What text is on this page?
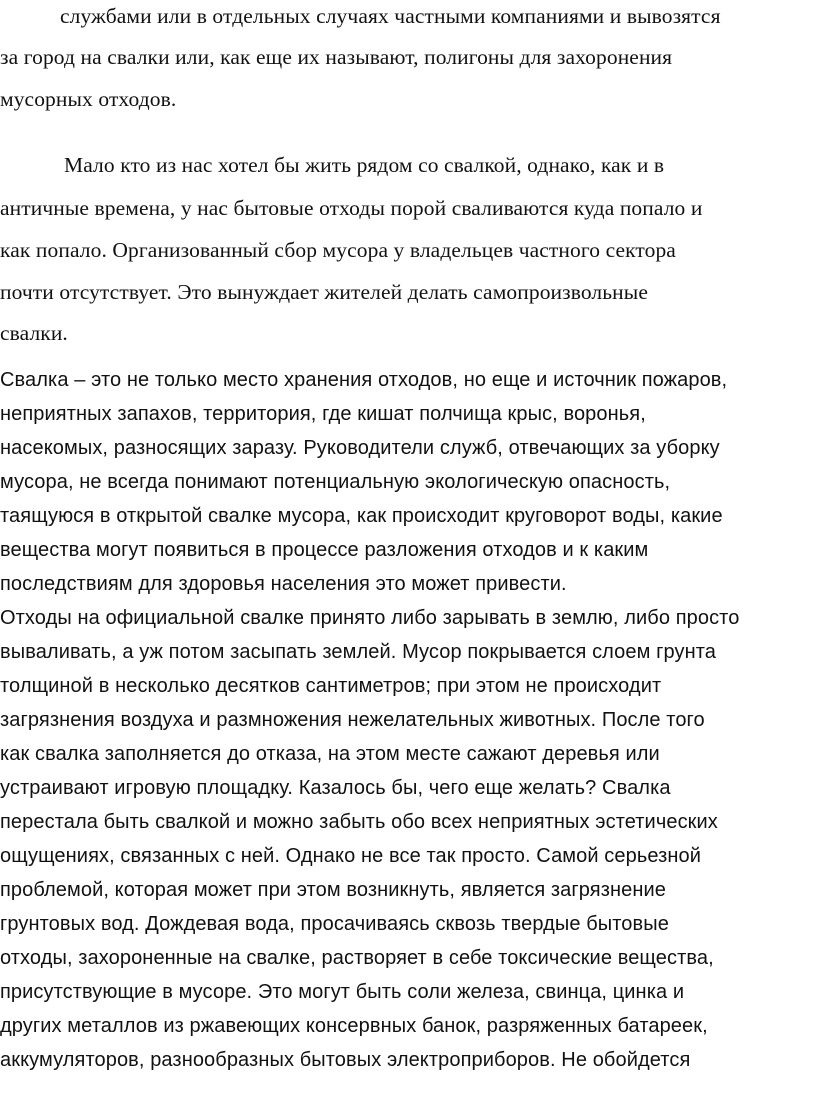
службами или в отдельных случаях частными компаниями и вывозятся
за город на свалки или, как еще их называют, полигоны для захоронения
мусорных отходов.
Мало кто из нас хотел бы жить рядом со свалкой, однако, как и в
античные времена, у нас бытовые отходы порой сваливаются куда попало и
как попало. Организованный сбор мусора у владельцев частного сектора
почти отсутствует. Это вынуждает жителей делать самопроизвольные
свалки.
Свалка – это не только место хранения отходов, но еще и источник пожаров,
неприятных запахов, территория, где кишат полчища крыс, воронья,
насекомых, разносящих заразу. Руководители служб, отвечающих за уборку
мусора, не всегда понимают потенциальную экологическую опасность,
таящуюся в открытой свалке мусора, как происходит круговорот воды, какие
вещества могут появиться в процессе разложения отходов и к каким
последствиям для здоровья населения это может привести.
Отходы на официальной свалке принято либо зарывать в землю, либо просто
вываливать, а уж потом засыпать землей. Мусор покрывается слоем грунта
толщиной в несколько десятков сантиметров; при этом не происходит
загрязнения воздуха и размножения нежелательных животных. После того
как свалка заполняется до отказа, на этом месте сажают деревья или
устраивают игровую площадку. Казалось бы, чего еще желать? Свалка
перестала быть свалкой и можно забыть обо всех неприятных эстетических
ощущениях, связанных с ней. Однако не все так просто. Самой серьезной
проблемой, которая может при этом возникнуть, является загрязнение
грунтовых вод. Дождевая вода, просачиваясь сквозь твердые бытовые
отходы, захороненные на свалке, растворяет в себе токсические вещества,
присутствующие в мусоре. Это могут быть соли железа, свинца, цинка и
других металлов из ржавеющих консервных банок, разряженных батареек,
аккумуляторов, разнообразных бытовых электроприборов. Не обойдется
